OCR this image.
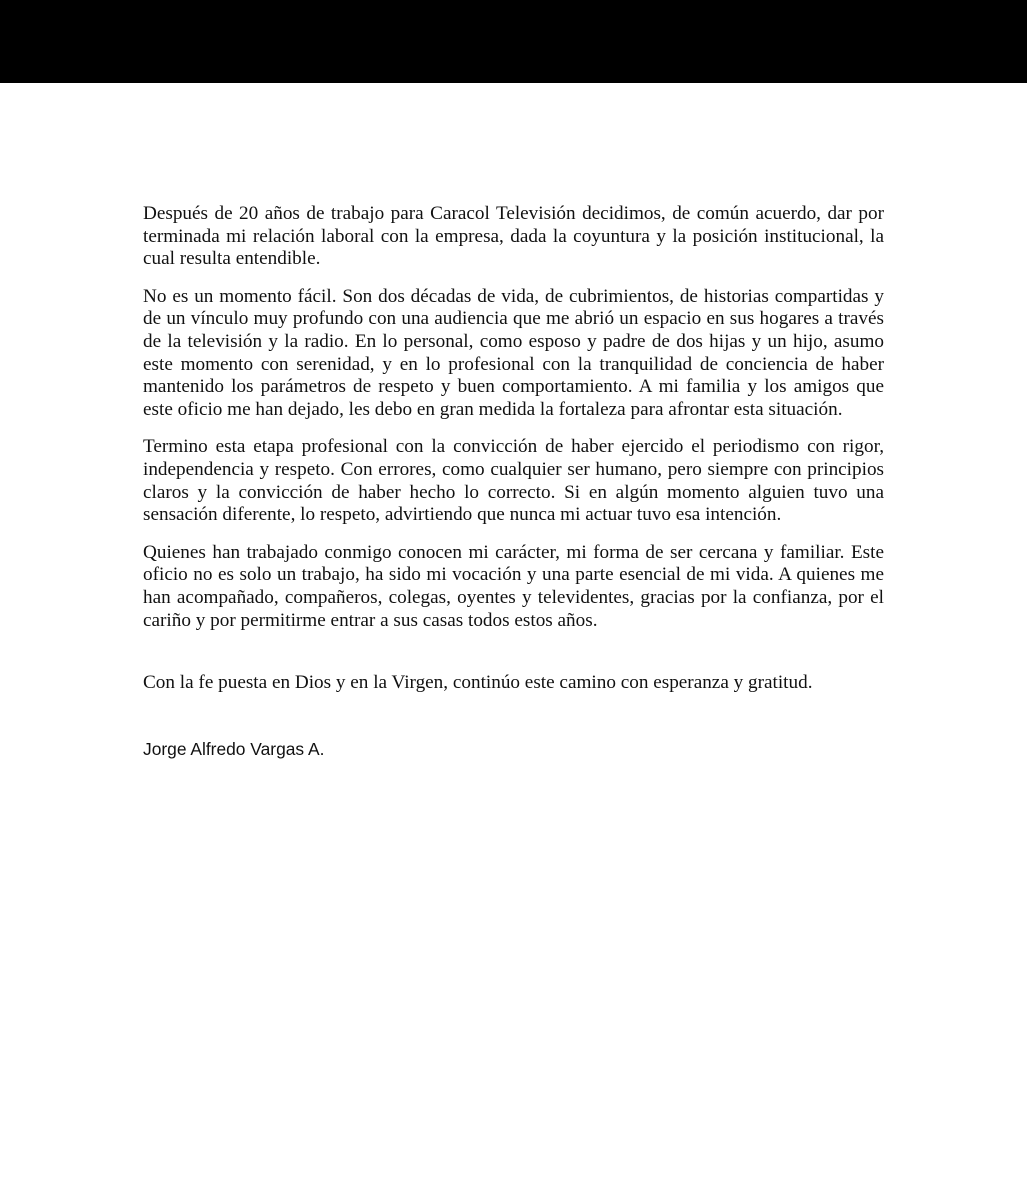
Después de 20 años de trabajo para Caracol Televisión decidimos, de común acuerdo, dar por terminada mi relación laboral con la empresa, dada la coyuntura y la posición institucional, la cual resulta entendible.

No es un momento fácil. Son dos décadas de vida, de cubrimientos, de historias compartidas y de un vínculo muy profundo con una audiencia que me abrió un espacio en sus hogares a través de la televisión y la radio. En lo personal, como esposo y padre de dos hijas y un hijo, asumo este momento con serenidad, y en lo profesional con la tranquilidad de conciencia de haber mantenido los parámetros de respeto y buen comportamiento. A mi familia y los amigos que este oficio me han dejado, les debo en gran medida la fortaleza para afrontar esta situación.

Termino esta etapa profesional con la convicción de haber ejercido el periodismo con rigor, independencia y respeto. Con errores, como cualquier ser humano, pero siempre con principios claros y la convicción de haber hecho lo correcto. Si en algún momento alguien tuvo una sensación diferente, lo respeto, advirtiendo que nunca mi actuar tuvo esa intención.

Quienes han trabajado conmigo conocen mi carácter, mi forma de ser cercana y familiar. Este oficio no es solo un trabajo, ha sido mi vocación y una parte esencial de mi vida. A quienes me han acompañado, compañeros, colegas, oyentes y televidentes, gracias por la confianza, por el cariño y por permitirme entrar a sus casas todos estos años.

Con la fe puesta en Dios y en la Virgen, continúo este camino con esperanza y gratitud.

Jorge Alfredo Vargas A.
